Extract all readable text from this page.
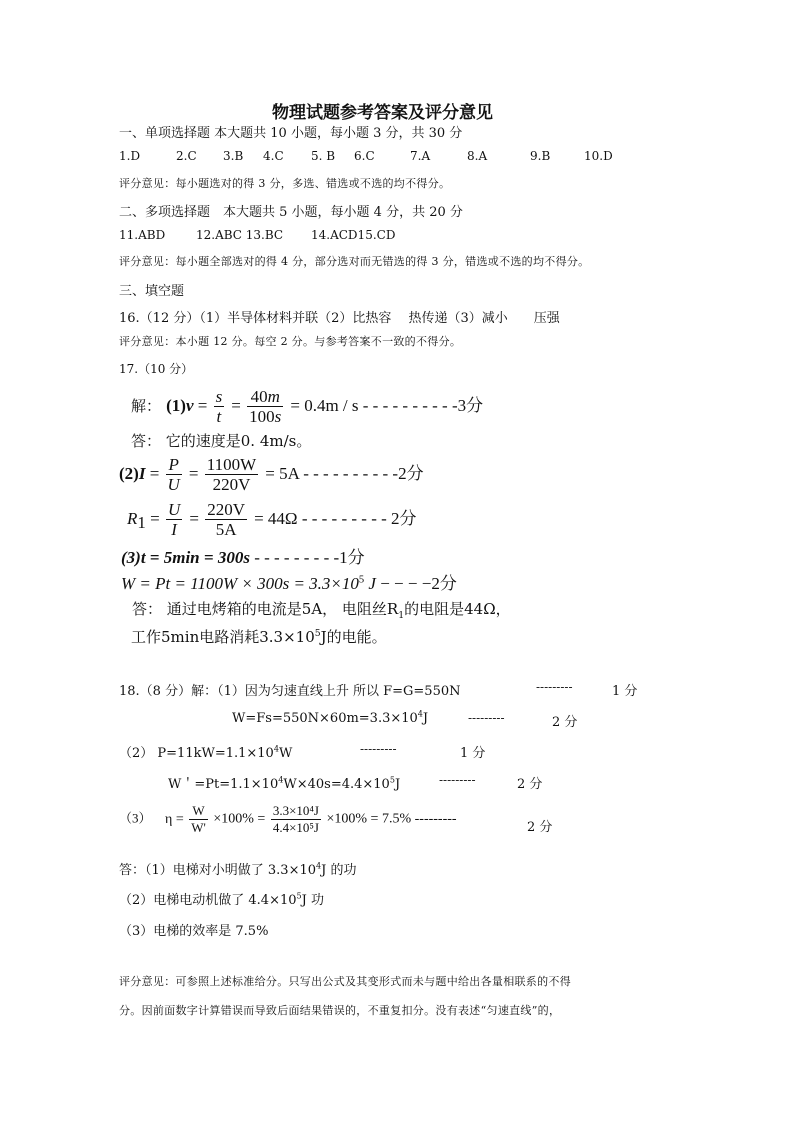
物理试题参考答案及评分意见
一、单项选择题 本大题共 10 小题，每小题 3 分，共 30 分
1.D	2.C 3.B 4.C 5. B 6.C	7.A	8.A	9.B	10.D
评分意见：每小题选对的得 3 分，多选、错选或不选的均不得分。
二、多项选择题　本大题共 5 小题，每小题 4 分，共 20 分
11.ABD	12.ABC 13.BC 14.ACD15.CD
评分意见：每小题全部选对的得 4 分，部分选对而无错选的得 3 分，错选或不选的均不得分。
三、填空题
16.（12 分）（1）半导体材料并联（2）比热容　 热传递（3）减小　　压强
评分意见：本小题 12 分。每空 2 分。与参考答案不一致的不得分。
17.（10 分）
解： $(1)v = \frac{s}{t} = \frac{40m}{100s} = 0.4m / s$ - - - - - - - - - -3分
答： 它的速度是0. 4m/s。
$(2)I = \frac{P}{U} = \frac{1100W}{220V} = 5A$ - - - - - - - - - -2分
$R_1 = \frac{U}{I} = \frac{220V}{5A} = 44\Omega$ - - - - - - - - - 2分
(3)t = 5min = 300s - - - - - - - - -1分
$W = Pt = 1100W \times 300s = 3.3\times 10^5$ J − − − −2分
答： 通过电烤箱的电流是5A， 电阻丝$R_1$的电阻是44Ω，
工作5min电路消耗$3.3\times 10^5J$的电能。
18.（8 分）解：（1）因为匀速直线上升 所以 F=G=550N	---------	1 分
$W=Fs=550N\times 60m=3.3\times 10^4J$	---------	2 分
（2） $P=11kW=1.1\times 10^4W$	---------	1 分
W＇$=Pt=1.1\times 10^4W\times 40s=4.4\times 10^5J$	---------	2 分
（3） $\eta = \frac{W}{W'} \times 100\% = \frac{\text{3.3×10⁴J}}{\text{4.4×10⁵J}} \times 100\% = 7.5\%$ ---------
2 分
答：（1）电梯对小明做了 $3.3\times 10^4J$ 的功
（2）电梯电动机做了 $4.4\times 10^5J$ 功
（3）电梯的效率是 7.5%
评分意见：可参照上述标准给分。只写出公式及其变形式而未与题中给出各量相联系的不得
分。因前面数字计算错误而导致后面结果错误的，不重复扣分。没有表述“匀速直线”的，
